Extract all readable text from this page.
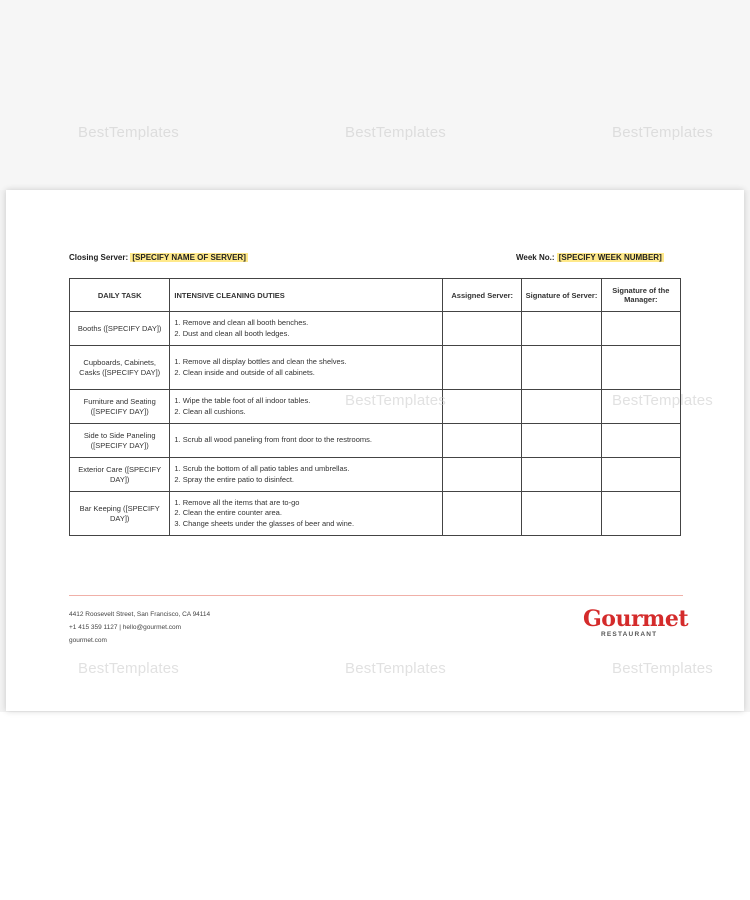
BestTemplates	BestTemplates	BestTemplates
Closing Server: [SPECIFY NAME OF SERVER]	Week No.: [SPECIFY WEEK NUMBER]
DAILY TASK	INTENSIVE CLEANING DUTIES	Assigned Server:	Signature of Server:	Signature of the Manager:
Booths ([SPECIFY DAY])	1. Remove and clean all booth benches.
2. Dust and clean all booth ledges.			

Cupboards, Cabinets, Casks ([SPECIFY DAY])	1. Remove all display bottles and clean the shelves.
2. Clean inside and outside of all cabinets.			

Furniture and Seating ([SPECIFY DAY])	1. Wipe the table foot of all indoor tables.
2. Clean all cushions.			

Side to Side Paneling ([SPECIFY DAY])	1. Scrub all wood paneling from front door to the restrooms.			

Exterior Care ([SPECIFY DAY])	1. Scrub the bottom of all patio tables and umbrellas.
2. Spray the entire patio to disinfect.			

Bar Keeping ([SPECIFY DAY])	1. Remove all the items that are to-go
2. Clean the entire counter area.
3. Change sheets under the glasses of beer and wine.			

4412 Roosevelt Street, San Francisco, CA 94114
+1 415 359 1127 | hello@gourmet.com
gourmet.com
Gourmet
RESTAURANT
BestTemplates	BestTemplates
BestTemplates	BestTemplates	BestTemplates
